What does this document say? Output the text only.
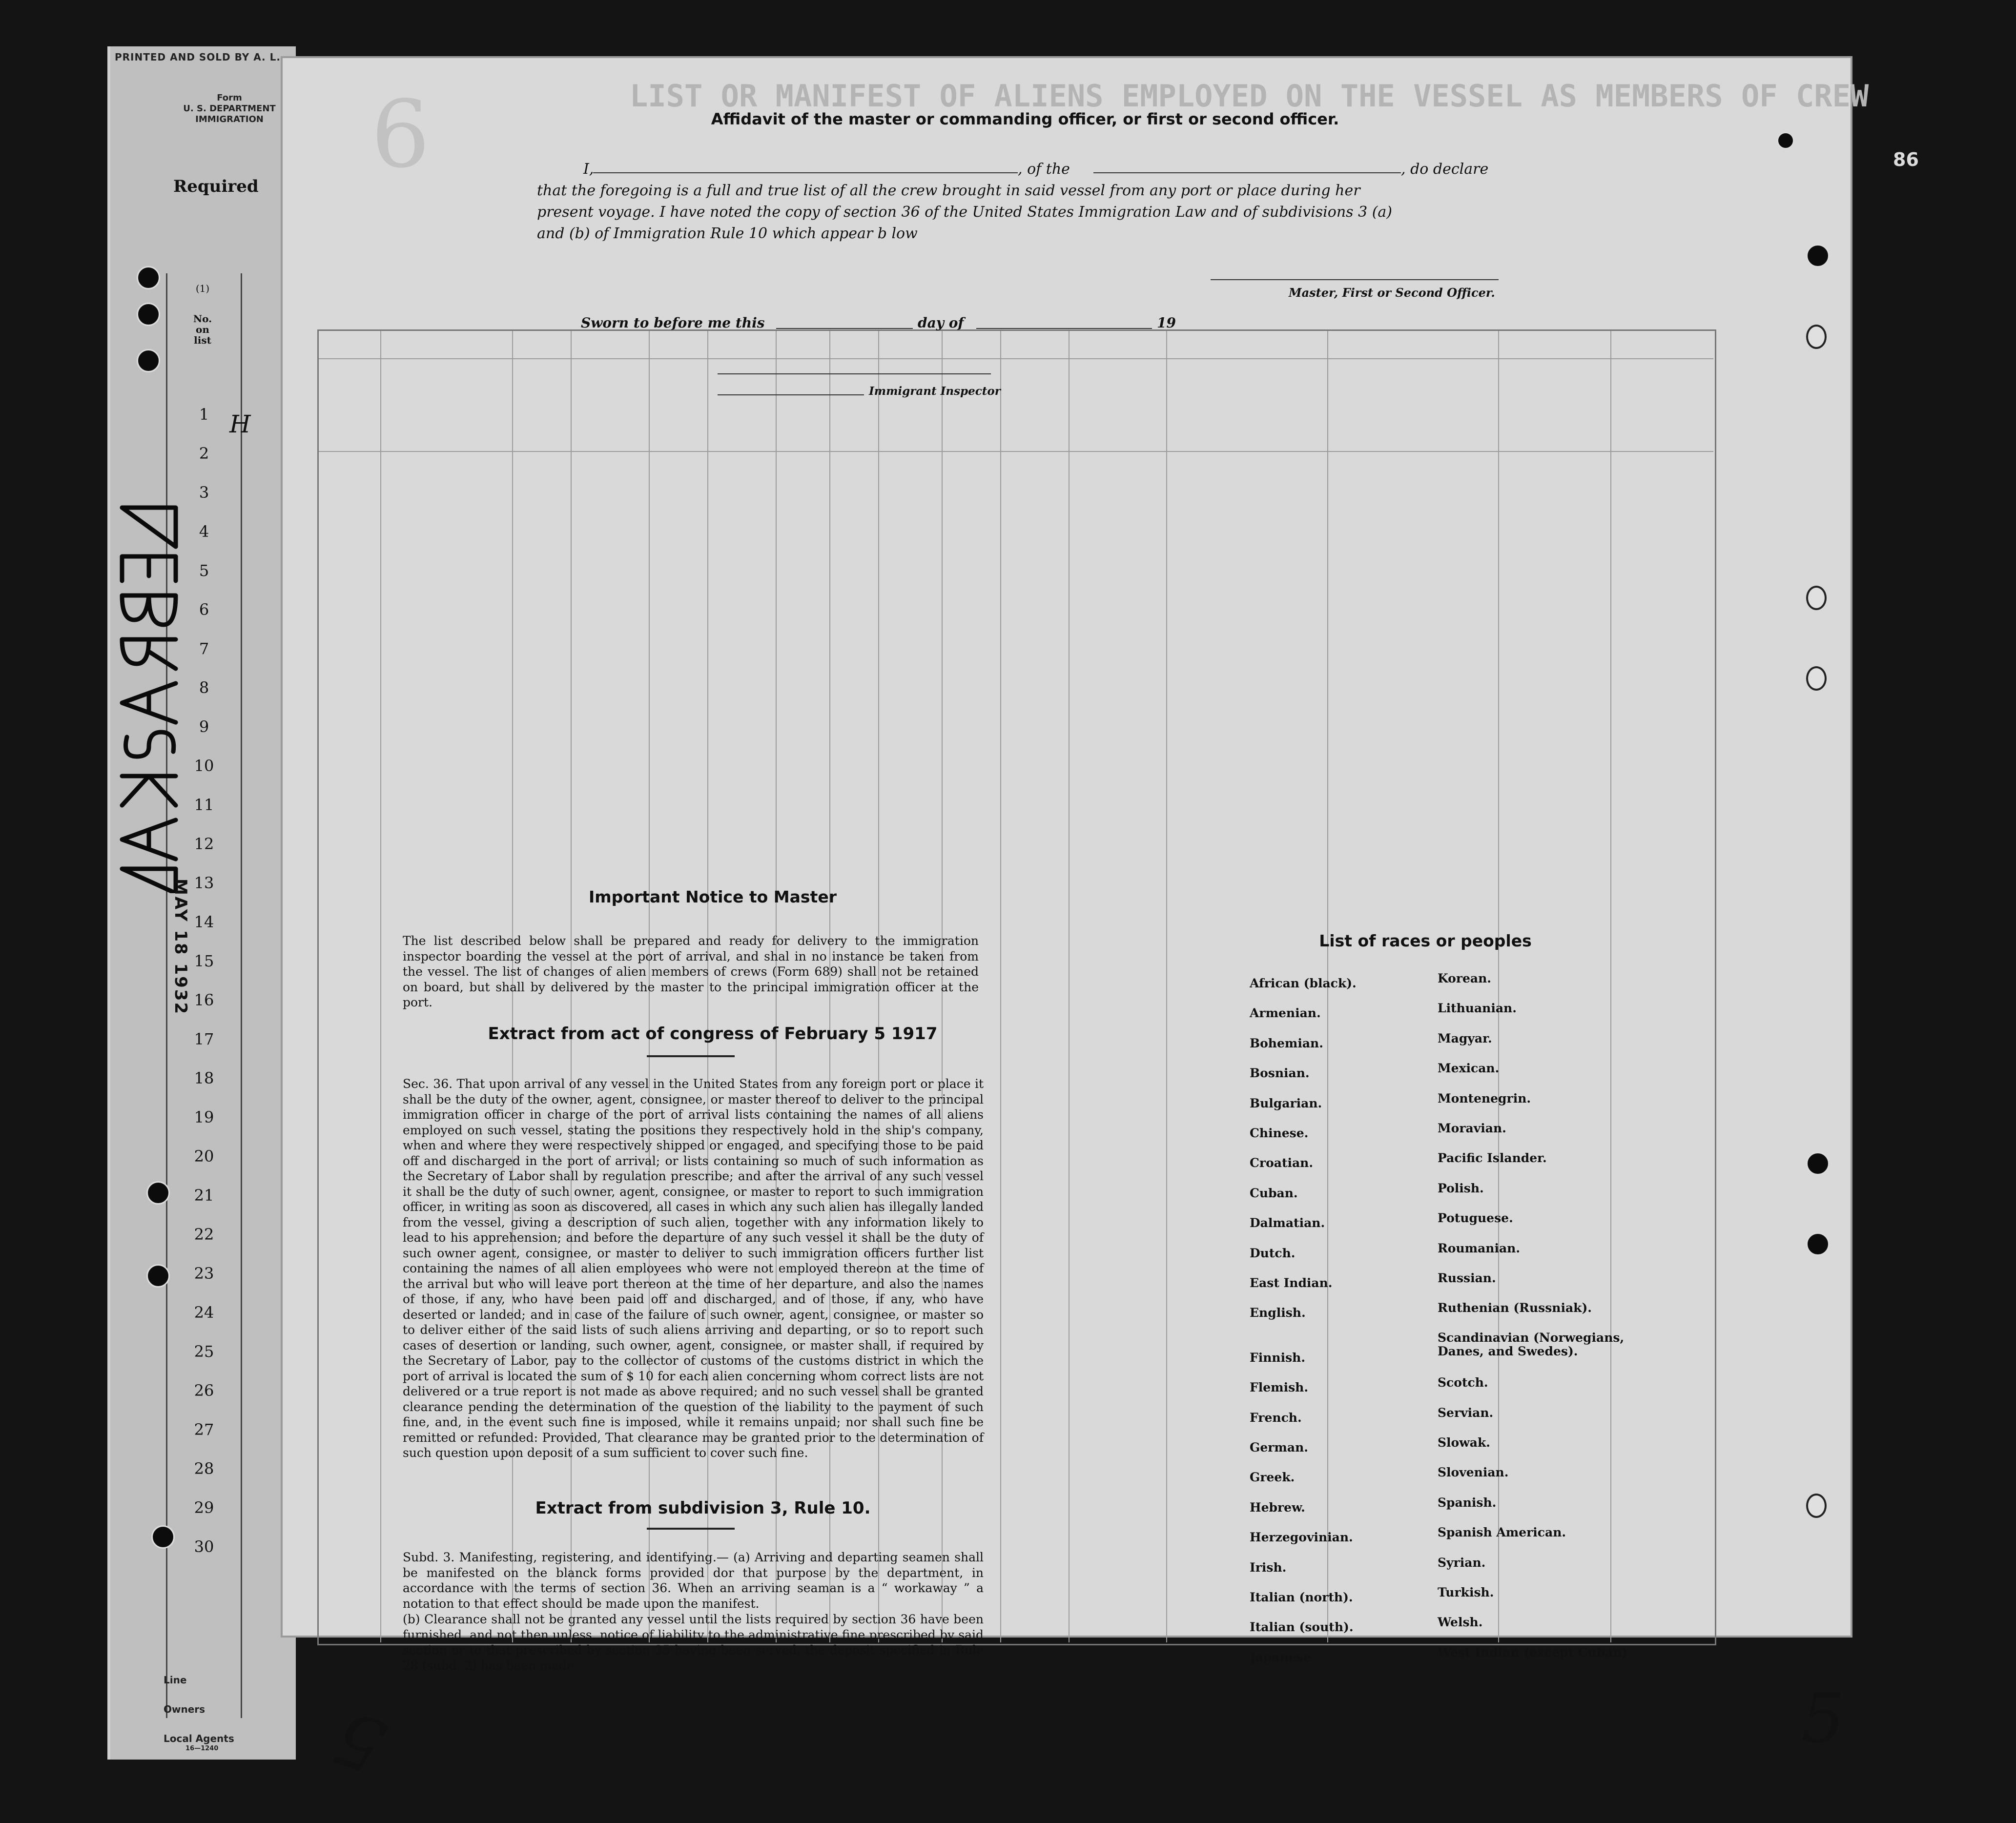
PRINTED AND SOLD BY A. L.
Form
U. S. DEPARTMENT
IMMIGRATION
Required
(1)
No. on list
1
2
3
4
5
6
7
8
9
10
11
12
13
14
15
16
17
18
19
20
21
22
23
24
25
26
27
28
29
30
H
MAY 18 1932
Line
Owners
Local Agents
16—1240
LIST OR MANIFEST OF ALIENS EMPLOYED ON THE VESSEL AS MEMBERS OF CREW
6	86
Affidavit of the master or commanding officer, or first or second officer.
I,	, of the	, do declare
that the foregoing is a full and true list of all the crew brought in said vessel from any port or place during her
present voyage. I have noted the copy of section 36 of the United States Immigration Law and of subdivisions 3 (a)
and (b) of Immigration Rule 10 which appear b low
Master, First or Second Officer.
Sworn to before me this	day of	19
Immigrant Inspector
Important Notice to Master
The list described below shall be prepared and ready for delivery to the immigration inspector boarding the vessel at the port of arrival, and shal in no instance be taken from the vessel. The list of changes of alien members of crews (Form 689) shall not be retained on board, but shall by delivered by the master to the principal immigration officer at the port.
Extract from act of congress of February 5 1917
Sec. 36. That upon arrival of any vessel in the United States from any foreign port or place it shall be the duty of the owner, agent, consignee, or master thereof to deliver to the principal immigration officer in charge of the port of arrival lists containing the names of all aliens employed on such vessel, stating the positions they respectively hold in the ship's company, when and where they were respectively shipped or engaged, and specifying those to be paid off and discharged in the port of arrival; or lists containing so much of such information as the Secretary of Labor shall by regulation prescribe; and after the arrival of any such vessel it shall be the duty of such owner, agent, consignee, or master to report to such immigration officer, in writing as soon as discovered, all cases in which any such alien has illegally landed from the vessel, giving a description of such alien, together with any information likely to lead to his apprehension; and before the departure of any such vessel it shall be the duty of such owner agent, consignee, or master to deliver to such immigration officers further list containing the names of all alien employees who were not employed thereon at the time of the arrival but who will leave port thereon at the time of her departure, and also the names of those, if any, who have been paid off and discharged, and of those, if any, who have deserted or landed; and in case of the failure of such owner, agent, consignee, or master so to deliver either of the said lists of such aliens arriving and departing, or so to report such cases of desertion or landing, such owner, agent, consignee, or master shall, if required by the Secretary of Labor, pay to the collector of customs of the customs district in which the port of arrival is located the sum of $ 10 for each alien concerning whom correct lists are not delivered or a true report is not made as above required; and no such vessel shall be granted clearance pending the determination of the question of the liability to the payment of such fine, and, in the event such fine is imposed, while it remains unpaid; nor shall such fine be remitted or refunded: Provided, That clearance may be granted prior to the determination of such question upon deposit of a sum sufficient to cover such fine.
Extract from subdivision 3, Rule 10.
Subd. 3. Manifesting, registering, and identifying.— (a) Arriving and departing seamen shall be manifested on the blanck forms provided dor that purpose by the department, in accordance with the terms of section 36. When an arriving seaman is a “ workaway ” a notation to that effect should be made upon the manifest.
(b) Clearance shall not be granted any vessel until the lists required by section 36 have been furnished, and not then unless, notice of liability to the administrative fine prescribed by said section or to that prescribed by section 35 having been served, the deposit specified in Rule 28 (subd. 2) has been made.
List of races or peoples
African (black).
Armenian.
Bohemian.
Bosnian.
Bulgarian.
Chinese.
Croatian.
Cuban.
Dalmatian.
Dutch.
East Indian.
English.
Finnish.
Flemish.
French.
German.
Greek.
Hebrew.
Herzegovinian.
Irish.
Italian (north).
Italian (south).
Japanese
Korean.
Lithuanian.
Magyar.
Mexican.
Montenegrin.
Moravian.
Pacific Islander.
Polish.
Potuguese.
Roumanian.
Russian.
Ruthenian (Russniak).
Scandinavian (Norwegians, Danes, and Swedes).
Scotch.
Servian.
Slowak.
Slovenian.
Spanish.
Spanish American.
Syrian.
Turkish.
Welsh.
West Indian (except Cuban)
5	5
